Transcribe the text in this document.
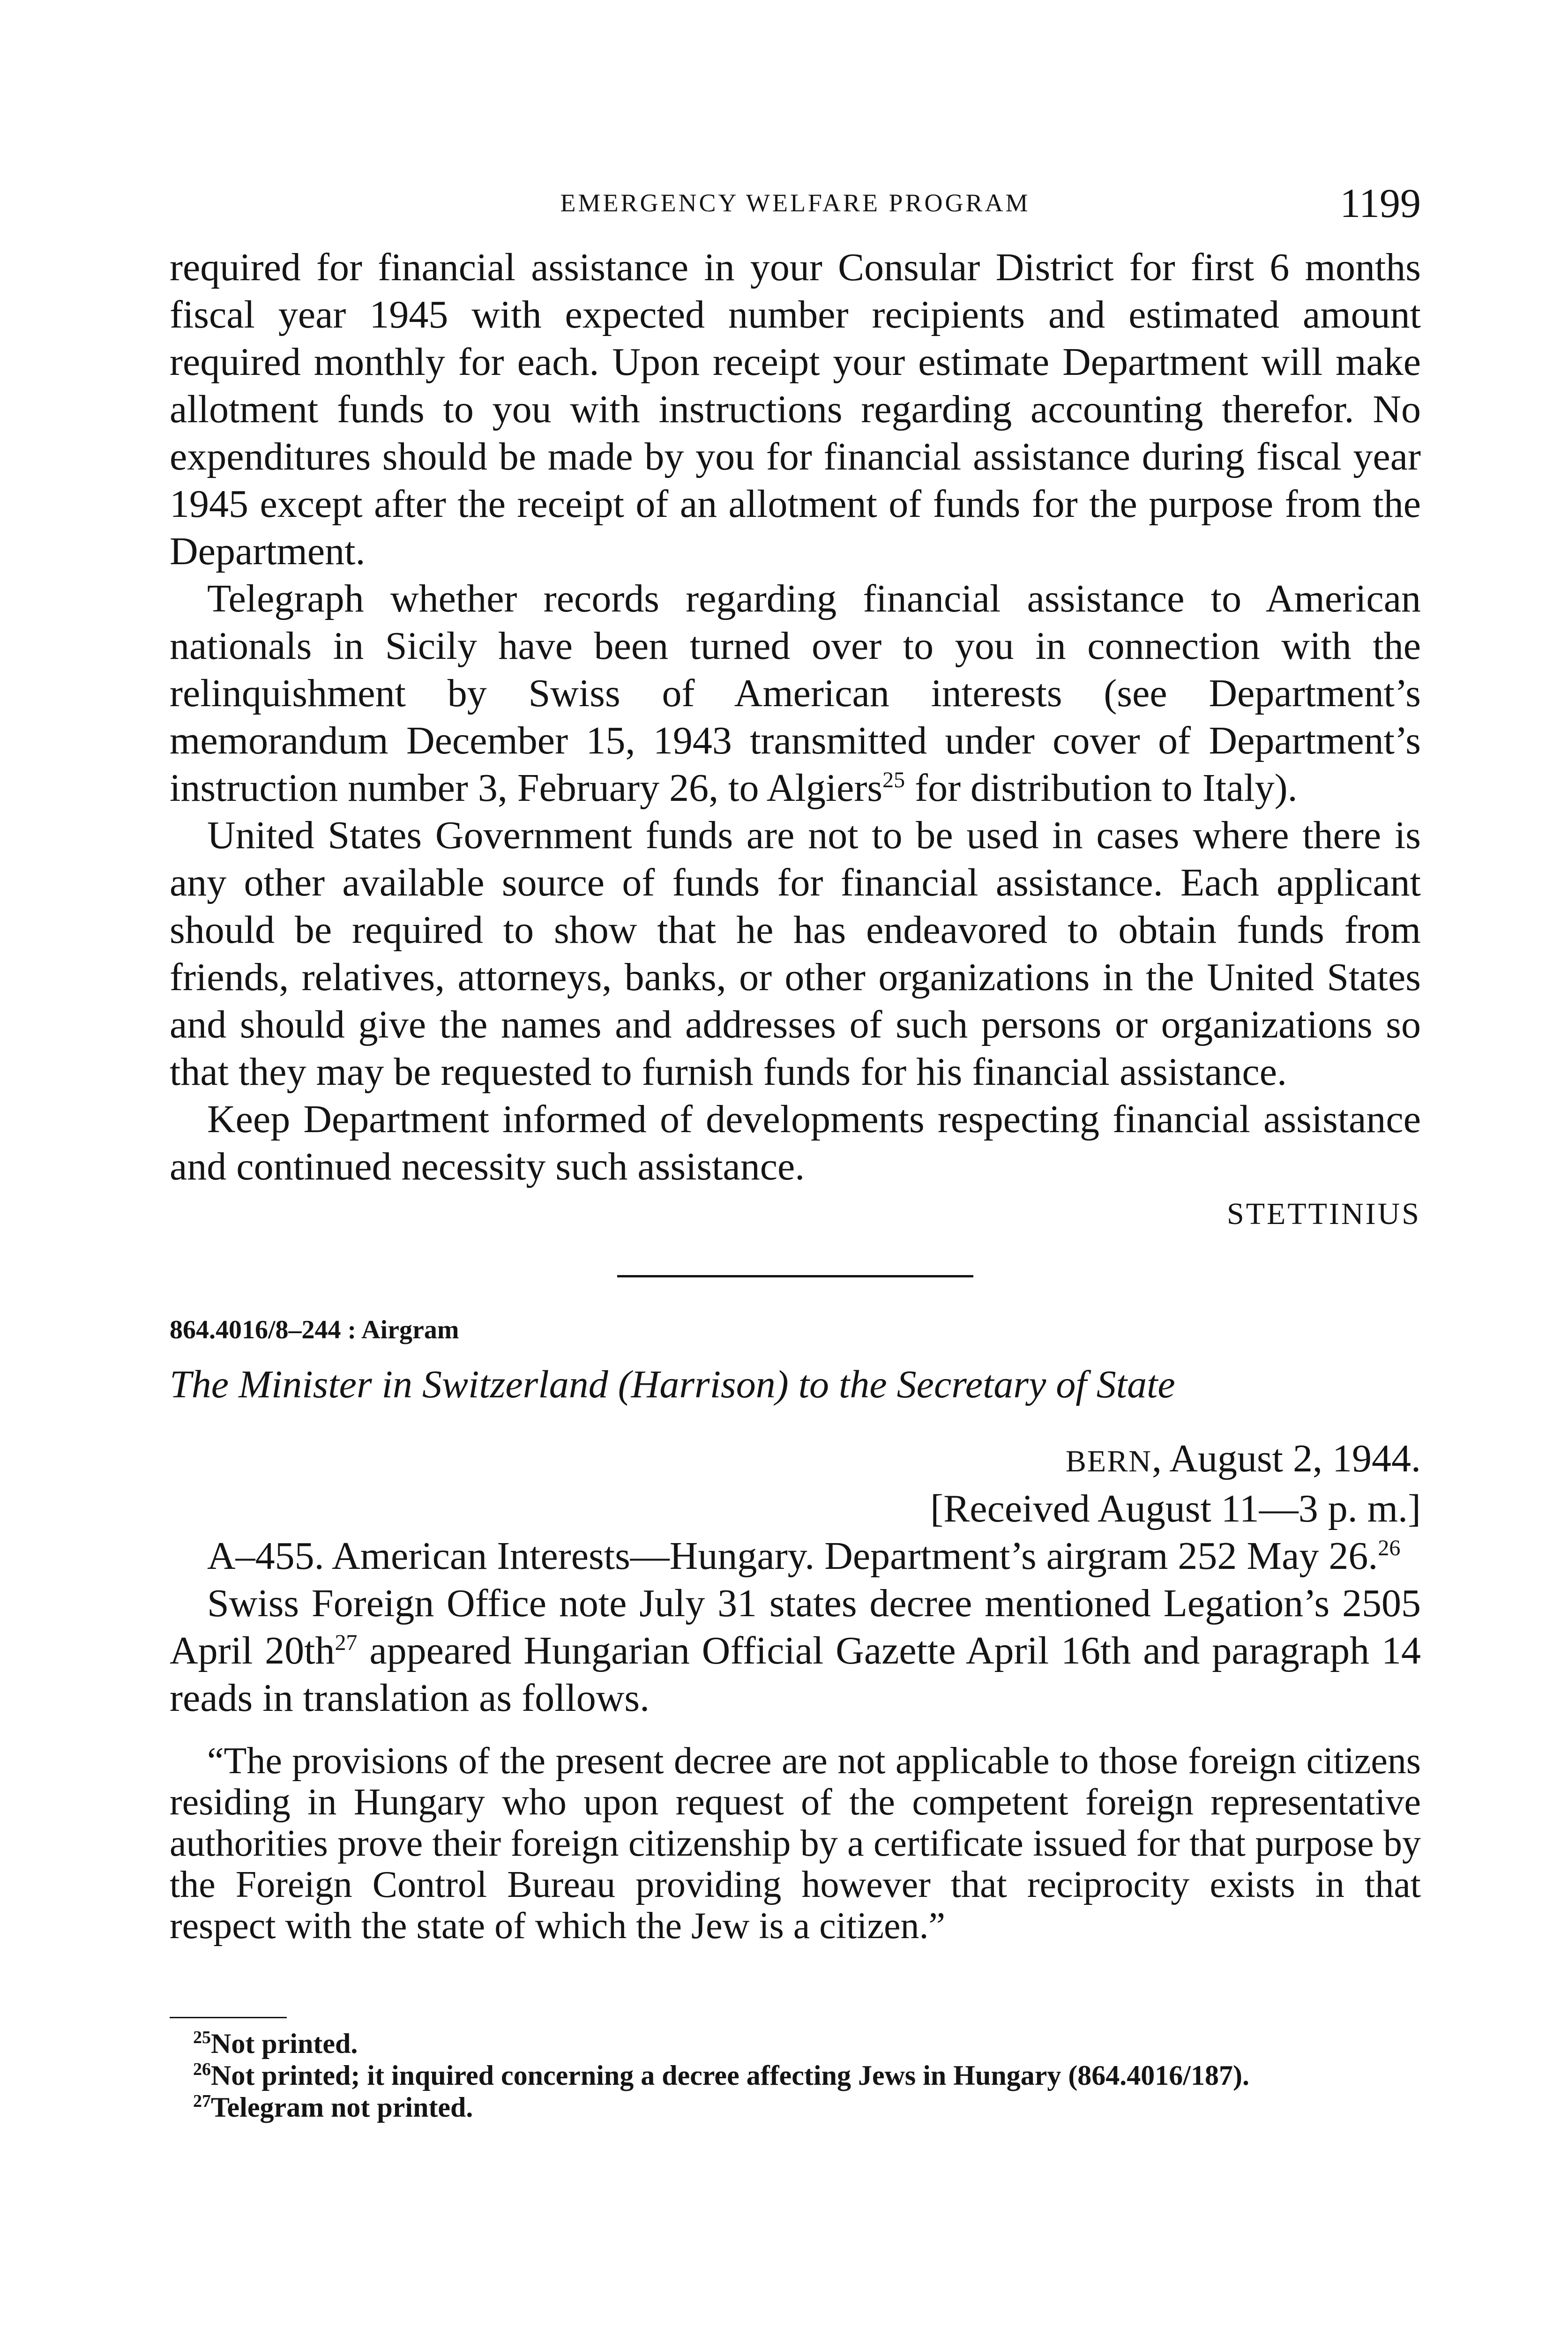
EMERGENCY WELFARE PROGRAM	1199

required for financial assistance in your Consular District for first 6 months fiscal year 1945 with expected number recipients and estimated amount required monthly for each. Upon receipt your estimate Department will make allotment funds to you with instructions regarding accounting therefor. No expenditures should be made by you for financial assistance during fiscal year 1945 except after the receipt of an allotment of funds for the purpose from the Department.

Telegraph whether records regarding financial assistance to American nationals in Sicily have been turned over to you in connection with the relinquishment by Swiss of American interests (see Department’s memorandum December 15, 1943 transmitted under cover of Department’s instruction number 3, February 26, to Algiers$^{25}$ for distribution to Italy).

United States Government funds are not to be used in cases where there is any other available source of funds for financial assistance. Each applicant should be required to show that he has endeavored to obtain funds from friends, relatives, attorneys, banks, or other organizations in the United States and should give the names and addresses of such persons or organizations so that they may be requested to furnish funds for his financial assistance.

Keep Department informed of developments respecting financial assistance and continued necessity such assistance.

STETTINIUS
864.4016/8–244 : Airgram
The Minister in Switzerland (Harrison) to the Secretary of State
BERN, August 2, 1944.
[Received August 11—3 p. m.]

A–455. American Interests—Hungary. Department’s airgram 252 May 26.26

Swiss Foreign Office note July 31 states decree mentioned Legation’s 2505 April $20th^{27}$ appeared Hungarian Official Gazette April 16th and paragraph 14 reads in translation as follows.

“The provisions of the present decree are not applicable to those foreign citizens residing in Hungary who upon request of the competent foreign representative authorities prove their foreign citizenship by a certificate issued for that purpose by the Foreign Control Bureau providing however that reciprocity exists in that respect with the state of which the Jew is a citizen.”

$^{25}$Not printed.
$^{26}$Not printed; it inquired concerning a decree affecting Jews in Hungary (864.4016/187).
$^{27}$Telegram not printed.
